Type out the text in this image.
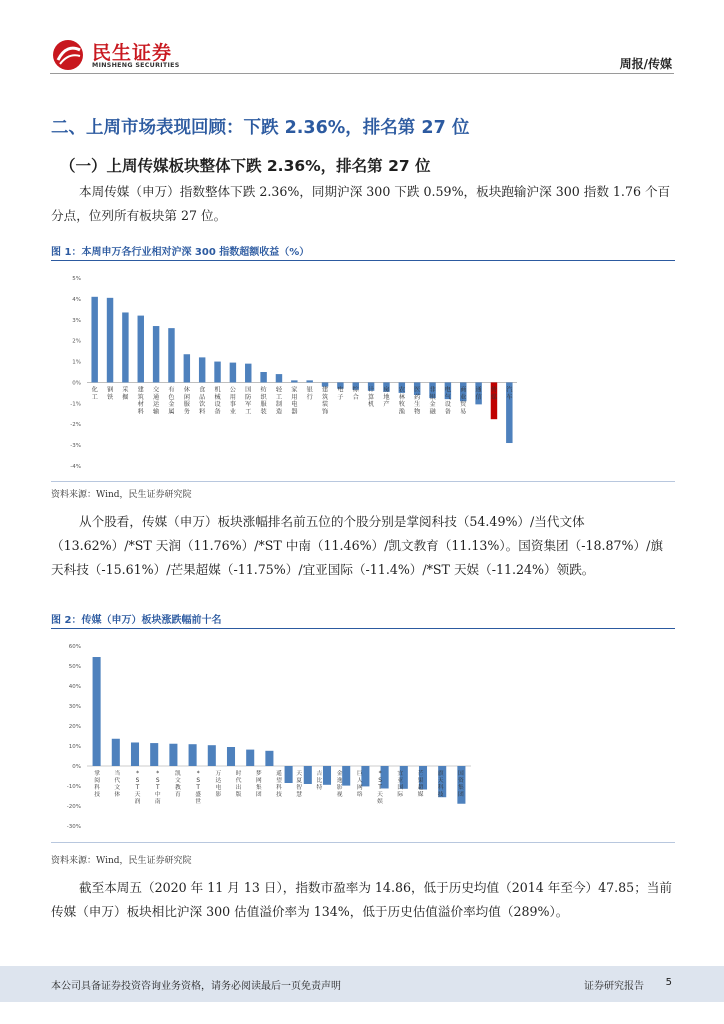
民生证券
MINSHENG SECURITIES	周报/传媒
二、上周市场表现回顾：下跌 2.36%，排名第 27 位
（一）上周传媒板块整体下跌 2.36%，排名第 27 位

本周传媒（申万）指数整体下跌 2.36%，同期沪深 300 下跌 0.59%，板块跑输沪深 300 指数 1.76 个百分点，位列所有板块第 27 位。

图 1：本周申万各行业相对沪深 300 指数超额收益（%）
5%
4%
3%
2%
1%
0%
-1%
-2%
-3%
-4%
化工
钢铁
采掘
建筑材料
交通运输
有色金属
休闲服务
食品饮料
机械设备
公用事业
国防军工
纺织服装
轻工制造
家用电器
银行
建筑装饰
电子
综合
计算机
房地产
农林牧渔
医药生物
非银金融
电气设备
商业贸易
通信
传媒
汽车
资料来源：Wind，民生证券研究院

从个股看，传媒（申万）板块涨幅排名前五位的个股分别是掌阅科技（54.49%）/当代文体（13.62%）/*ST 天润（11.76%）/*ST 中南（11.46%）/凯文教育（11.13%）。国资集团（-18.87%）/旗天科技（-15.61%）/芒果超媒（-11.75%）/宜亚国际（-11.4%）/*ST 天娱（-11.24%）领跌。

图 2：传媒（申万）板块涨跌幅前十名
60%
50%
40%
30%
20%
10%
0%
-10%
-20%
-30%
掌阅科技
当代文体
* S T 天润
* S T 中南
凯文教育
* S T 盛世
万达电影
时代出版
梦网集团
遥望科技
天夏智慧
吉比特
金逸影视
巨人网络
* S T 天娱
宜亚国际
芒果超媒
旗天科技
国资集团
资料来源：Wind，民生证券研究院

截至本周五（2020 年 11 月 13 日），指数市盈率为 14.86，低于历史均值（2014 年至今）47.85；当前传媒（申万）板块相比沪深 300 估值溢价率为 134%，低于历史估值溢价率均值（289%）。

本公司具备证券投资咨询业务资格，请务必阅读最后一页免责声明	证券研究报告 5
